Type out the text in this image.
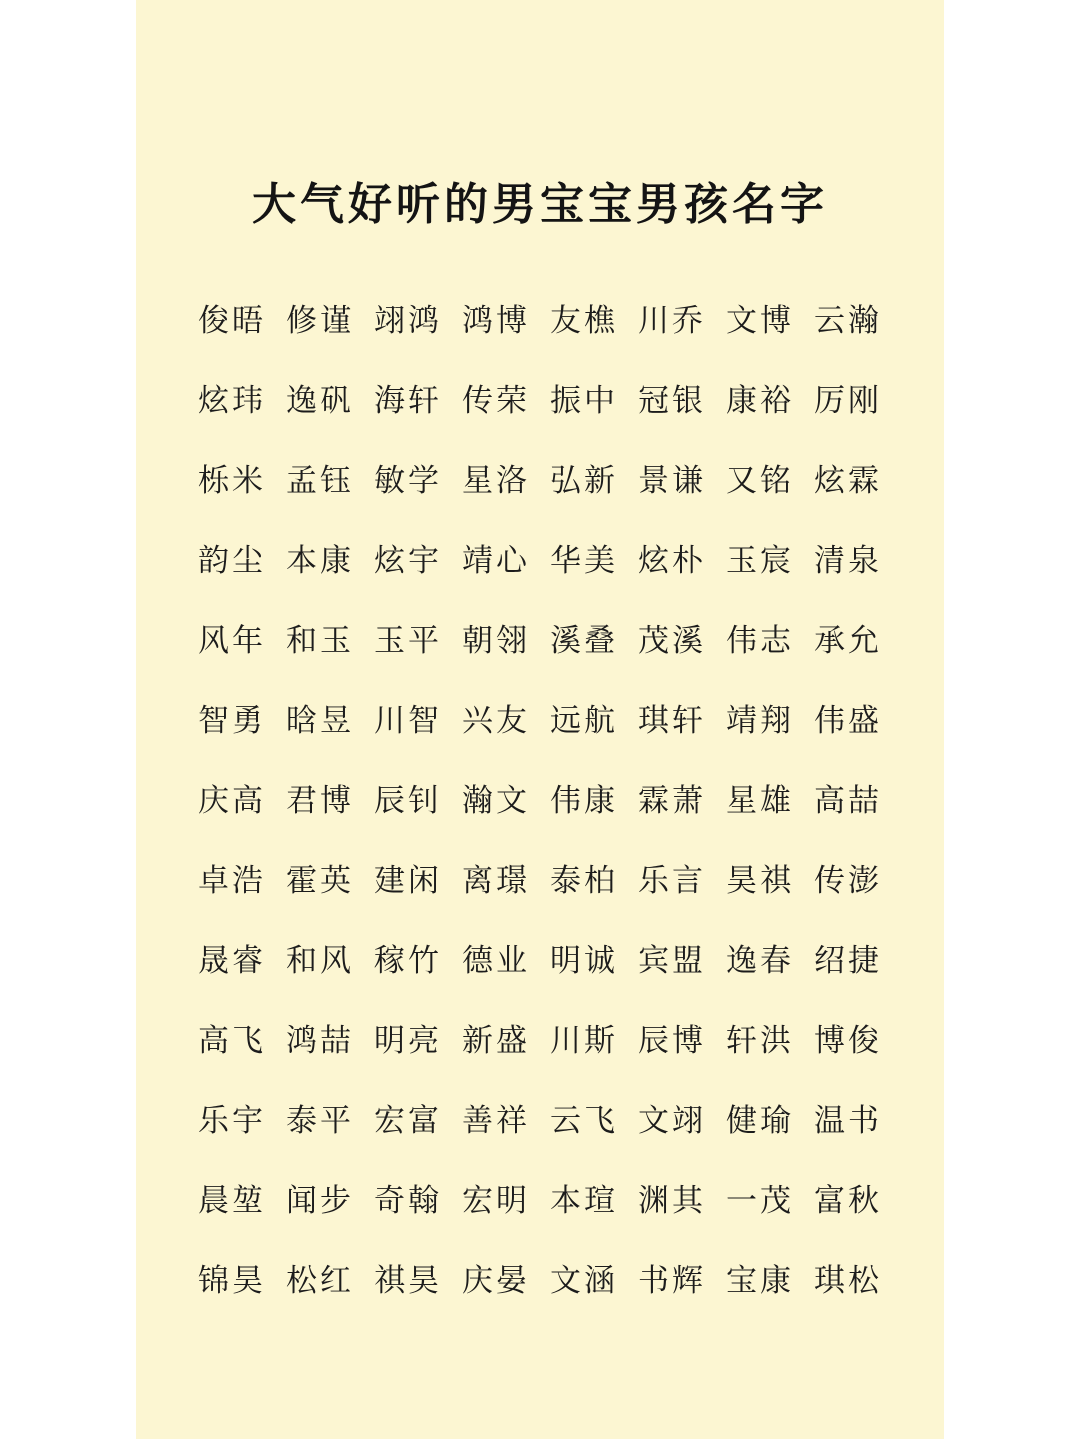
大气好听的男宝宝男孩名字
俊晤 修谨 翊鸿 鸿博 友樵 川乔 文博 云瀚
炫玮 逸矾 海轩 传荣 振中 冠银 康裕 厉刚
栎米 孟钰 敏学 星洛 弘新 景谦 又铭 炫霖
韵尘 本康 炫宇 靖心 华美 炫朴 玉宸 清泉
风年 和玉 玉平 朝翎 溪叠 茂溪 伟志 承允
智勇 晗昱 川智 兴友 远航 琪轩 靖翔 伟盛
庆高 君博 辰钊 瀚文 伟康 霖萧 星雄 高喆
卓浩 霍英 建闲 离璟 泰柏 乐言 昊祺 传澎
晟睿 和风 稼竹 德业 明诚 宾盟 逸春 绍捷
高飞 鸿喆 明亮 新盛 川斯 辰博 轩洪 博俊
乐宇 泰平 宏富 善祥 云飞 文翊 健瑜 温书
晨堃 闻步 奇翰 宏明 本瑄 渊其 一茂 富秋
锦昊 松红 祺昊 庆晏 文涵 书辉 宝康 琪松
